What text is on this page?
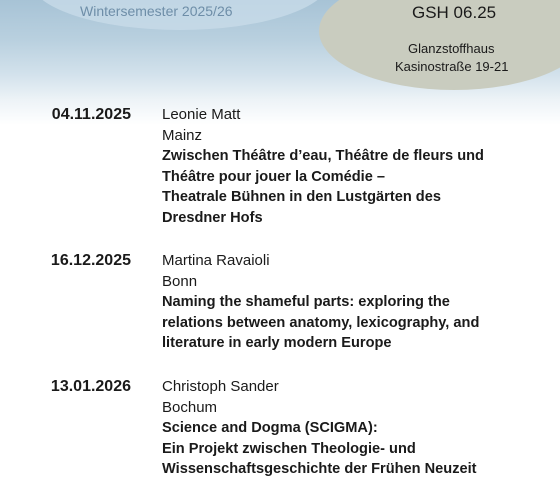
Wintersemester 2025/26	GSH 06.25
Glanzstoffhaus
Kasinostraße 19-21
04.11.2025 Leonie Matt
Mainz
Zwischen Théâtre d’eau, Théâtre de fleurs und
Théâtre pour jouer la Comédie –
Theatrale Bühnen in den Lustgärten des
Dresdner Hofs
16.12.2025 Martina Ravaioli
Bonn
Naming the shameful parts: exploring the
relations between anatomy, lexicography, and
literature in early modern Europe
13.01.2026 Christoph Sander
Bochum
Science and Dogma (SCIGMA):
Ein Projekt zwischen Theologie- und
Wissenschaftsgeschichte der Frühen Neuzeit
